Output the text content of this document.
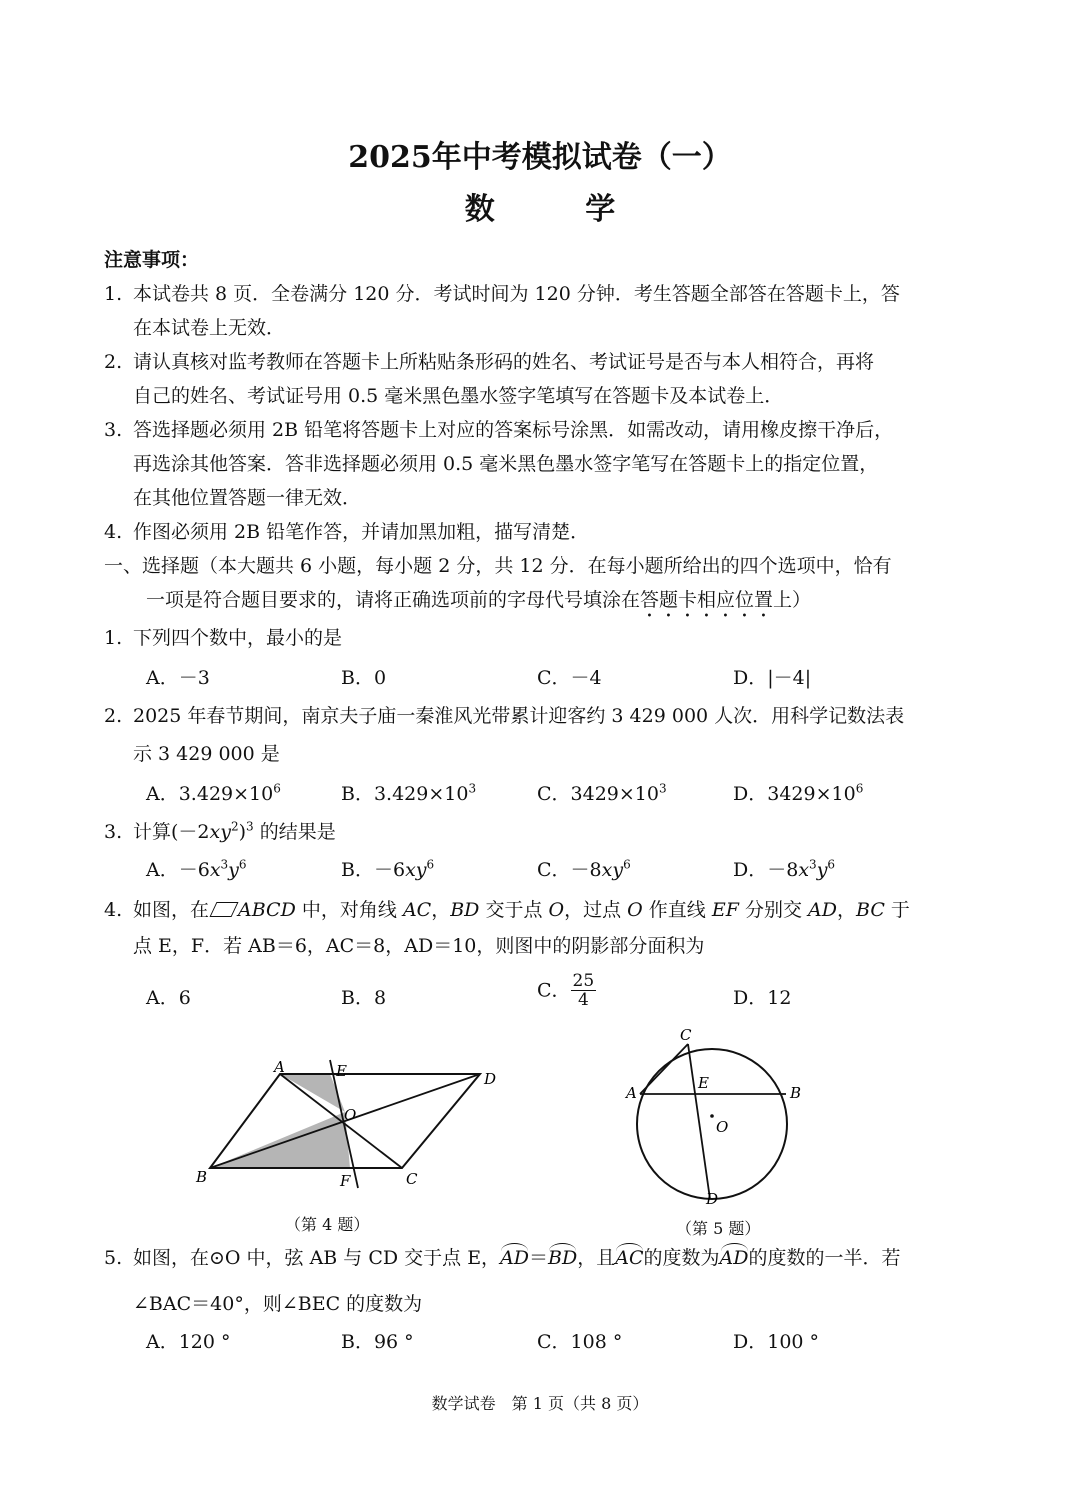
2025年中考模拟试卷（一）
数 学
注意事项：
1. 本试卷共 8 页．全卷满分 120 分．考试时间为 120 分钟．考生答题全部答在答题卡上，答
在本试卷上无效．
2. 请认真核对监考教师在答题卡上所粘贴条形码的姓名、考试证号是否与本人相符合，再将
自己的姓名、考试证号用 0.5 毫米黑色墨水签字笔填写在答题卡及本试卷上．
3. 答选择题必须用 2B 铅笔将答题卡上对应的答案标号涂黑．如需改动，请用橡皮擦干净后，
再选涂其他答案．答非选择题必须用 0.5 毫米黑色墨水签字笔写在答题卡上的指定位置，
在其他位置答题一律无效．
4. 作图必须用 2B 铅笔作答，并请加黑加粗，描写清楚．
一、选择题（本大题共 6 小题，每小题 2 分，共 12 分．在每小题所给出的四个选项中，恰有
一项是符合题目要求的，请将正确选项前的字母代号填涂在答题卡相应位置上）
1. 下列四个数中，最小的是
A．－3	B．0	C．－4	D．|－4|
2. 2025 年春节期间，南京夫子庙一秦淮风光带累计迎客约 3 429 000 人次．用科学记数法表
示 3 429 000 是
A．$3.429\times 10^6$	B．$3.429\times 10^3$	C．$3429\times 10^3$	D．$3429\times 10^6$
3. 计算$(-2xy^2)^3$ 的结果是
A．$-6x^3y^6$	B．$-6xy^6$	C．$-8xy^6$	D．$-8x^3y^6$
4. 如图，在 ABCD 中，对角线 AC，BD 交于点 O，过点 O 作直线 EF 分别交 AD，BC 于
点 E，F．若 AB＝6，AC＝8，AD＝10，则图中的阴影部分面积为
A．6	B．8	C． $\frac{25}{4}$	D．12
A
B	C
D
E
F
O
（第 4 题）
C
A	B
E
O
D
（第 5 题）
5. 如图，在⊙O 中，弦 AB 与 CD 交于点 E，AD＝BD，且AC的度数为AD的度数的一半．若
∠BAC＝40°，则∠BEC 的度数为
A．120 °	B．96 °	C．108 °	D．100 °
数学试卷　第 1 页（共 8 页）
